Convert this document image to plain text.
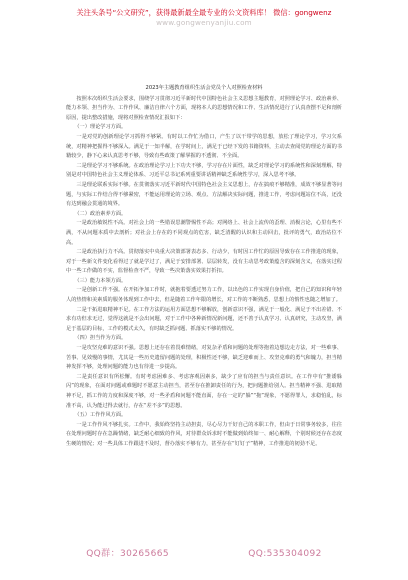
关注头条号“公文研究”，获得最新最全最专业的公文资料库！ 微信：gongwenz
www.gongwenyanjiu.com
2023年主题教育组织生活会党员个人对照检查材料

按照本次组织生活会要求，围绕学习贯彻习近平新时代中国特色社会主义思想主题教育，对照理论学习、政治素养、能力本领、担当作为、工作作风、廉洁自律六个方面，现将本人的思想情况和工作、生活情况进行了认真查摆不足和剖析原因，提出整改措施，现将对照检查情况汇报如下：

（一）理论学习方面。

一是对党的创新理论学习抓得不够紧。有时以工作忙为借口，产生了以干带学的思想，放松了理论学习，学习欠系统，对精神把握得不够深入。满足于一知半解，在学时间上，满足于已经下发的书籍资料，主动去查阅党的理论方面的书籍较少，静下心来认真思考不够，导致有些政策了解掌握的不透彻、不全面。

二是理论学习不够系统。在政治理论学习上下功夫不够，学习存在片面性，缺乏对理论学习的系统性和深刻理解，特别是对中国特色社会主义理论体系、习近平总书记系列重要讲话精神缺乏系统性学习，深入思考不够。

三是理论联系实际不够。在贯彻落实习近平新时代中国特色社会主义思想上，存在搞痕不够精准，成效不够显著等问题，与实际工作结合得不够紧密，不能运用理论的立场、观点、方法解决实际问题，推进工作，考虑问题站位不高，还没有达到融会贯通的境界。

（二）政治素养方面。

一是政治敏锐性不高。对社会上的一些错误思潮警惕性不高；对网络上、社会上流传的歪理、消极言论，心里有些不满，不从问题本质中去剖析；对社会上存在的不同观点的危害，缺乏清醒的认识和主动回击，批评的勇气，政治站位不高。

二是政治执行力不高。贯彻落实中央重大决策部署表态多、行动少，有时因工作忙的原因导致存在工作推进的现象，对于一些新文件变化看得过了就是学过了，满足于安排部署、层层转发，没有主动思考政策蕴含的深刻含义，在落实过程中一些工作做的不实，监督检查不严，导致一些决策落实效果打折扣。

（三）能力本领方面。

一是创新工作不强。在开拓争加工作时，就抱着要透过努力工作，以出色的工作实现自身价值，把自己的知识和年轻人的热情和美素质的服务体现到工作中去，但是随着工作年限的增长，对工作的不断熟悉，思想上的惰性也随之增加了。

二是干拓进取精神不足。在工作方法的运用方面思想不够解放，创新意识不强，满足于一般化、满足于不出差错、不求有功但求无过，觉得这就是不会出问题，对于工作中各种新情况新问题，还不善于认真学习、认真研究，主动攻坚，满足于基层的目标，工作的模式太久，有时缺乏抓问题、抓落实不够的情况。

（四）担当作为方面。

一是攻坚克难的意识不强。思想上还存在着畏难情绪，对复杂矛盾和问题的处理等抱着边想边走方法，对一些难事、苦事、见效慢的事情，尤其是一些历史遗留问题的处理，积极性还不够，缺乏迎难而上、攻坚克难的勇气和魄力，担当精神发挥不够，处理问题的能力也有待进一步提高。

二是责任意识有所松懈。有时考虑困难多、考虑客观因素多，缺少了应有的担当与责任意识。在工作中有“推诿躲闪”的现象，在面对问题或难题时不愿意主动担当，甚至存在推卸责任的行为，把问题推给别人。担当精神不强、进取精神不足，抓工作的力度和深度不够，对一些矛盾和问题不能直面，存在一定的“躲”“拖”现象，不愿得罪人，求稳怕乱，标准不高，认为能过得去就行，存在“差不多”的思想。

（五）工作作风方面。

一是工作作风不够扎实。工作中，我始终坚持主动担责，尽心尽力干好自己的本职工作，但由于日常事务较多，往往在处理问题时存在急躁情绪，缺乏耐心细致的作风，对待群众诉求时不能做到始终如一、耐心解释，个别时候还存在态度生硬的情况；对一些具体工作跟进不及时，督办落实不够有力，甚至存在“钉钉子”精神，工作推进的韧劲不足。

QQ群：30265665	QQ:535304092
